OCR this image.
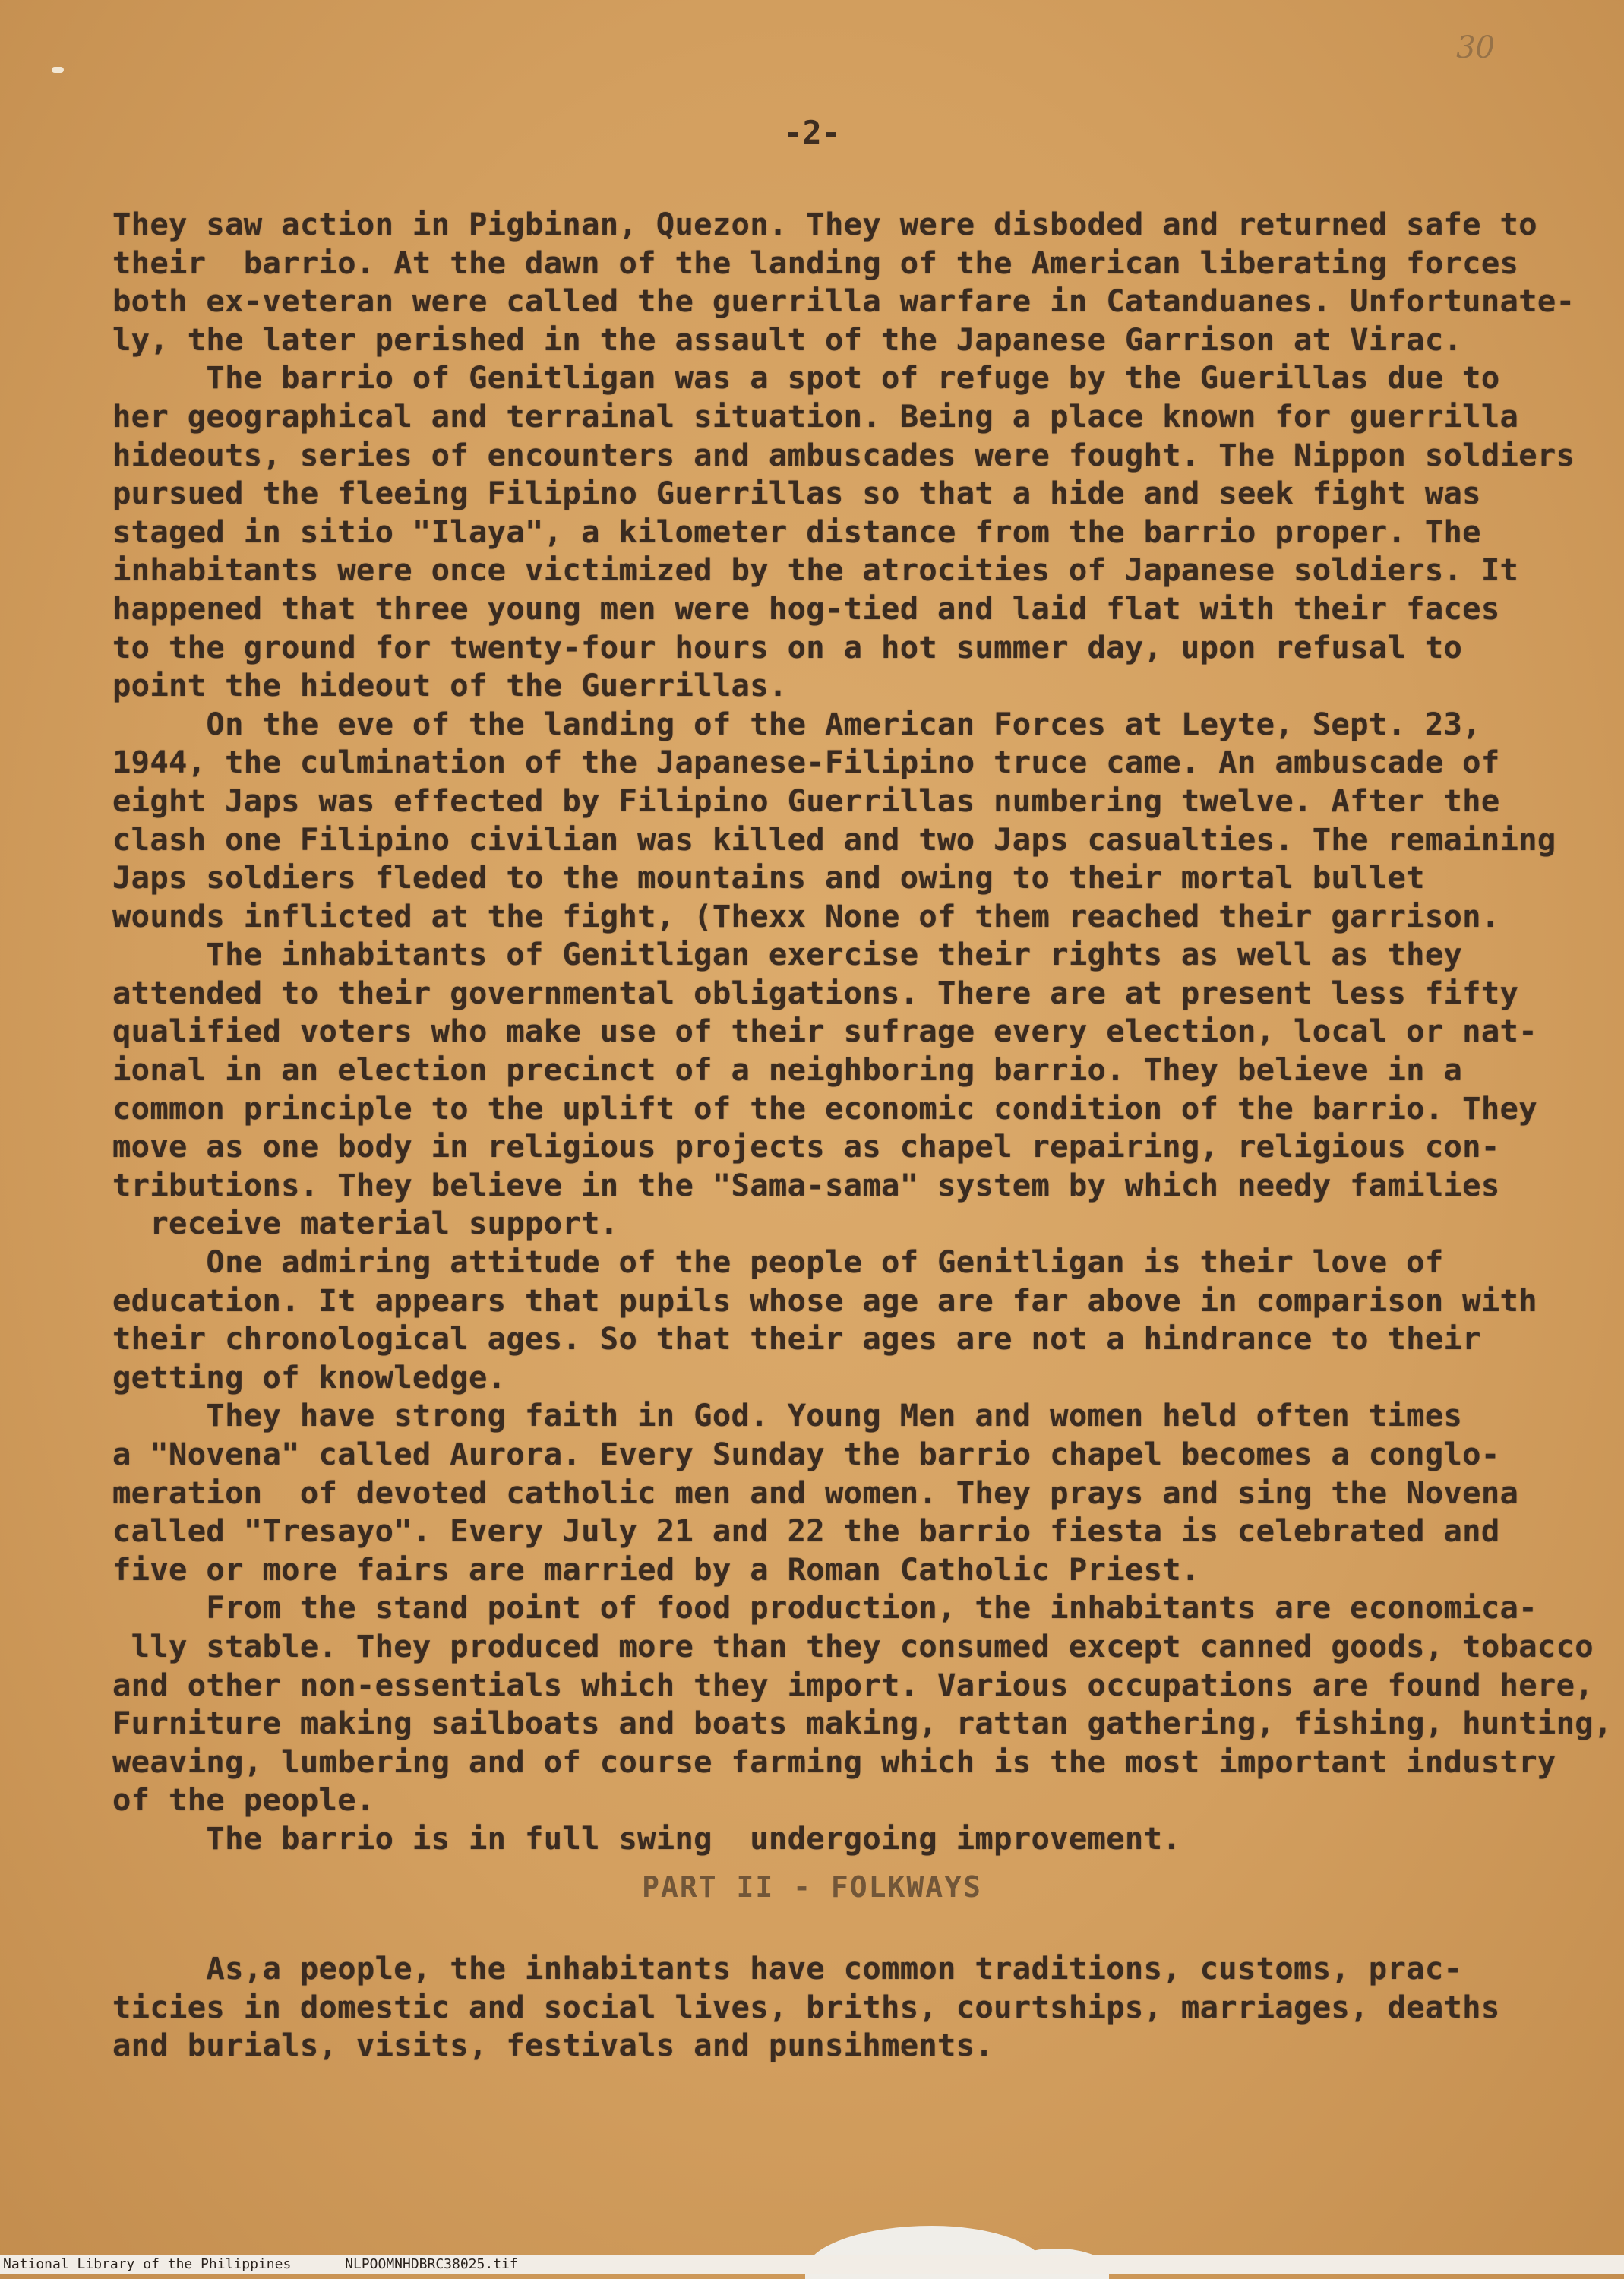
30
-2-
They saw action in Pigbinan, Quezon. They were disboded and returned safe to
their  barrio. At the dawn of the landing of the American liberating forces
both ex-veteran were called the guerrilla warfare in Catanduanes. Unfortunate-
ly, the later perished in the assault of the Japanese Garrison at Virac.
The barrio of Genitligan was a spot of refuge by the Guerillas due to
her geographical and terrainal situation. Being a place known for guerrilla
hideouts, series of encounters and ambuscades were fought. The Nippon soldiers
pursued the fleeing Filipino Guerrillas so that a hide and seek fight was
staged in sitio "Ilaya", a kilometer distance from the barrio proper. The
inhabitants were once victimized by the atrocities of Japanese soldiers. It
happened that three young men were hog-tied and laid flat with their faces
to the ground for twenty-four hours on a hot summer day, upon refusal to
point the hideout of the Guerrillas.
On the eve of the landing of the American Forces at Leyte, Sept. 23,
1944, the culmination of the Japanese-Filipino truce came. An ambuscade of
eight Japs was effected by Filipino Guerrillas numbering twelve. After the
clash one Filipino civilian was killed and two Japs casualties. The remaining
Japs soldiers fleded to the mountains and owing to their mortal bullet
wounds inflicted at the fight, (Thexx None of them reached their garrison.
The inhabitants of Genitligan exercise their rights as well as they
attended to their governmental obligations. There are at present less fifty
qualified voters who make use of their sufrage every election, local or nat-
ional in an election precinct of a neighboring barrio. They believe in a
common principle to the uplift of the economic condition of the barrio. They
move as one body in religious projects as chapel repairing, religious con-
tributions. They believe in the "Sama-sama" system by which needy families
receive material support.
One admiring attitude of the people of Genitligan is their love of
education. It appears that pupils whose age are far above in comparison with
their chronological ages. So that their ages are not a hindrance to their
getting of knowledge.
They have strong faith in God. Young Men and women held often times
a "Novena" called Aurora. Every Sunday the barrio chapel becomes a conglo-
meration  of devoted catholic men and women. They prays and sing the Novena
called "Tresayo". Every July 21 and 22 the barrio fiesta is celebrated and
five or more fairs are married by a Roman Catholic Priest.
From the stand point of food production, the inhabitants are economica-
lly stable. They produced more than they consumed except canned goods, tobacco
and other non-essentials which they import. Various occupations are found here,
Furniture making sailboats and boats making, rattan gathering, fishing, hunting,
weaving, lumbering and of course farming which is the most important industry
of the people.
The barrio is in full swing  undergoing improvement.
PART II - FOLKWAYS
As,a people, the inhabitants have common traditions, customs, prac-
ticies in domestic and social lives, briths, courtships, marriages, deaths
and burials, visits, festivals and punsihments.
National Library of the Philippines	NLPOOMNHDBRC38025.tif
